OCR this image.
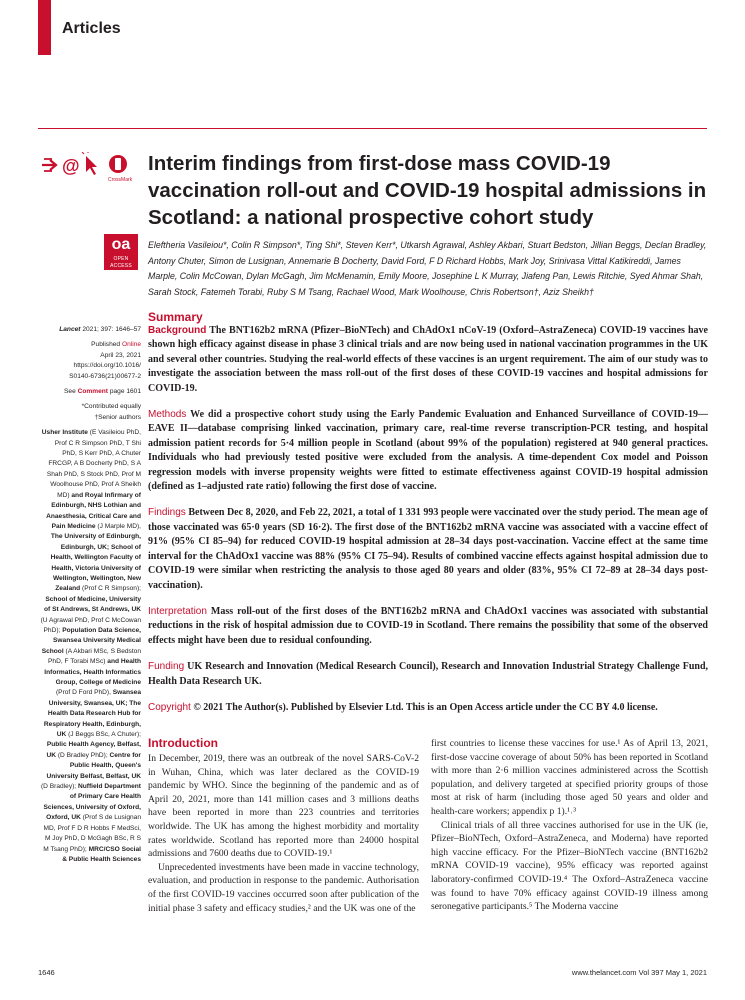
Articles
@
CrossMark
oa
OPEN ACCESS
Interim findings from first-dose mass COVID-19 vaccination roll-out and COVID-19 hospital admissions in Scotland: a national prospective cohort study

Eleftheria Vasileiou*, Colin R Simpson*, Ting Shi*, Steven Kerr*, Utkarsh Agrawal, Ashley Akbari, Stuart Bedston, Jillian Beggs, Declan Bradley, Antony Chuter, Simon de Lusignan, Annemarie B Docherty, David Ford, F D Richard Hobbs, Mark Joy, Srinivasa Vittal Katikireddi, James Marple, Colin McCowan, Dylan McGagh, Jim McMenamin, Emily Moore, Josephine L K Murray, Jiafeng Pan, Lewis Ritchie, Syed Ahmar Shah, Sarah Stock, Fatemeh Torabi, Ruby S M Tsang, Rachael Wood, Mark Woolhouse, Chris Robertson†, Aziz Sheikh†

Summary

Background The BNT162b2 mRNA (Pfizer–BioNTech) and ChAdOx1 nCoV-19 (Oxford–AstraZeneca) COVID-19 vaccines have shown high efficacy against disease in phase 3 clinical trials and are now being used in national vaccination programmes in the UK and several other countries. Studying the real-world effects of these vaccines is an urgent requirement. The aim of our study was to investigate the association between the mass roll-out of the first doses of these COVID-19 vaccines and hospital admissions for COVID-19.

Methods We did a prospective cohort study using the Early Pandemic Evaluation and Enhanced Surveillance of COVID-19—EAVE II—database comprising linked vaccination, primary care, real-time reverse transcription-PCR testing, and hospital admission patient records for 5·4 million people in Scotland (about 99% of the population) registered at 940 general practices. Individuals who had previously tested positive were excluded from the analysis. A time-dependent Cox model and Poisson regression models with inverse propensity weights were fitted to estimate effectiveness against COVID-19 hospital admission (defined as 1–adjusted rate ratio) following the first dose of vaccine.

Findings Between Dec 8, 2020, and Feb 22, 2021, a total of 1 331 993 people were vaccinated over the study period. The mean age of those vaccinated was 65·0 years (SD 16·2). The first dose of the BNT162b2 mRNA vaccine was associated with a vaccine effect of 91% (95% CI 85–94) for reduced COVID-19 hospital admission at 28–34 days post-vaccination. Vaccine effect at the same time interval for the ChAdOx1 vaccine was 88% (95% CI 75–94). Results of combined vaccine effects against hospital admission due to COVID-19 were similar when restricting the analysis to those aged 80 years and older (83%, 95% CI 72–89 at 28–34 days post-vaccination).

Interpretation Mass roll-out of the first doses of the BNT162b2 mRNA and ChAdOx1 vaccines was associated with substantial reductions in the risk of hospital admission due to COVID-19 in Scotland. There remains the possibility that some of the observed effects might have been due to residual confounding.

Funding UK Research and Innovation (Medical Research Council), Research and Innovation Industrial Strategy Challenge Fund, Health Data Research UK.

Copyright © 2021 The Author(s). Published by Elsevier Ltd. This is an Open Access article under the CC BY 4.0 license.

Lancet 2021; 397: 1646–57

Published Online
April 23, 2021
https://doi.org/10.1016/
S0140-6736(21)00677-2

See Comment page 1601

*Contributed equally
†Senior authors

Usher Institute (E Vasileiou PhD, Prof C R Simpson PhD, T Shi PhD, S Kerr PhD, A Chuter FRCGP, A B Docherty PhD, S A Shah PhD, S Stock PhD, Prof M Woolhouse PhD, Prof A Sheikh MD) and Royal Infirmary of Edinburgh, NHS Lothian and Anaesthesia, Critical Care and Pain Medicine (J Marple MD), The University of Edinburgh, Edinburgh, UK; School of Health, Wellington Faculty of Health, Victoria University of Wellington, Wellington, New Zealand (Prof C R Simpson); School of Medicine, University of St Andrews, St Andrews, UK (U Agrawal PhD, Prof C McCowan PhD); Population Data Science, Swansea University Medical School (A Akbari MSc, S Bedston PhD, F Torabi MSc) and Health Informatics, Health Informatics Group, College of Medicine (Prof D Ford PhD), Swansea University, Swansea, UK; The Health Data Research Hub for Respiratory Health, Edinburgh, UK (J Beggs BSc, A Chuter); Public Health Agency, Belfast, UK (D Bradley PhD); Centre for Public Health, Queen's University Belfast, Belfast, UK (D Bradley); Nuffield Department of Primary Care Health Sciences, University of Oxford, Oxford, UK (Prof S de Lusignan MD, Prof F D R Hobbs F MedSci, M Joy PhD, D McGagh BSc, R S M Tsang PhD); MRC/CSO Social & Public Health Sciences

Introduction

In December, 2019, there was an outbreak of the novel SARS-CoV-2 in Wuhan, China, which was later declared as the COVID-19 pandemic by WHO. Since the beginning of the pandemic and as of April 20, 2021, more than 141 million cases and 3 millions deaths have been reported in more than 223 countries and territories worldwide. The UK has among the highest morbidity and mortality rates worldwide. Scotland has reported more than 24000 hospital admissions and 7600 deaths due to COVID-19.¹

Unprecedented investments have been made in vaccine technology, evaluation, and production in response to the pandemic. Authorisation of the first COVID-19 vaccines occurred soon after publication of the initial phase 3 safety and efficacy studies,² and the UK was one of the

first countries to license these vaccines for use.¹ As of April 13, 2021, first-dose vaccine coverage of about 50% has been reported in Scotland with more than 2·6 million vaccines administered across the Scottish population, and delivery targeted at specified priority groups of those most at risk of harm (including those aged 50 years and older and health-care workers; appendix p 1).¹˒³

Clinical trials of all three vaccines authorised for use in the UK (ie, Pfizer–BioNTech, Oxford–AstraZeneca, and Moderna) have reported high vaccine efficacy. For the Pfizer–BioNTech vaccine (BNT162b2 mRNA COVID-19 vaccine), 95% efficacy was reported against laboratory-confirmed COVID-19.⁴ The Oxford–AstraZeneca vaccine was found to have 70% efficacy against COVID-19 illness among seronegative participants.⁵ The Moderna vaccine

1646	www.thelancet.com Vol 397 May 1, 2021
